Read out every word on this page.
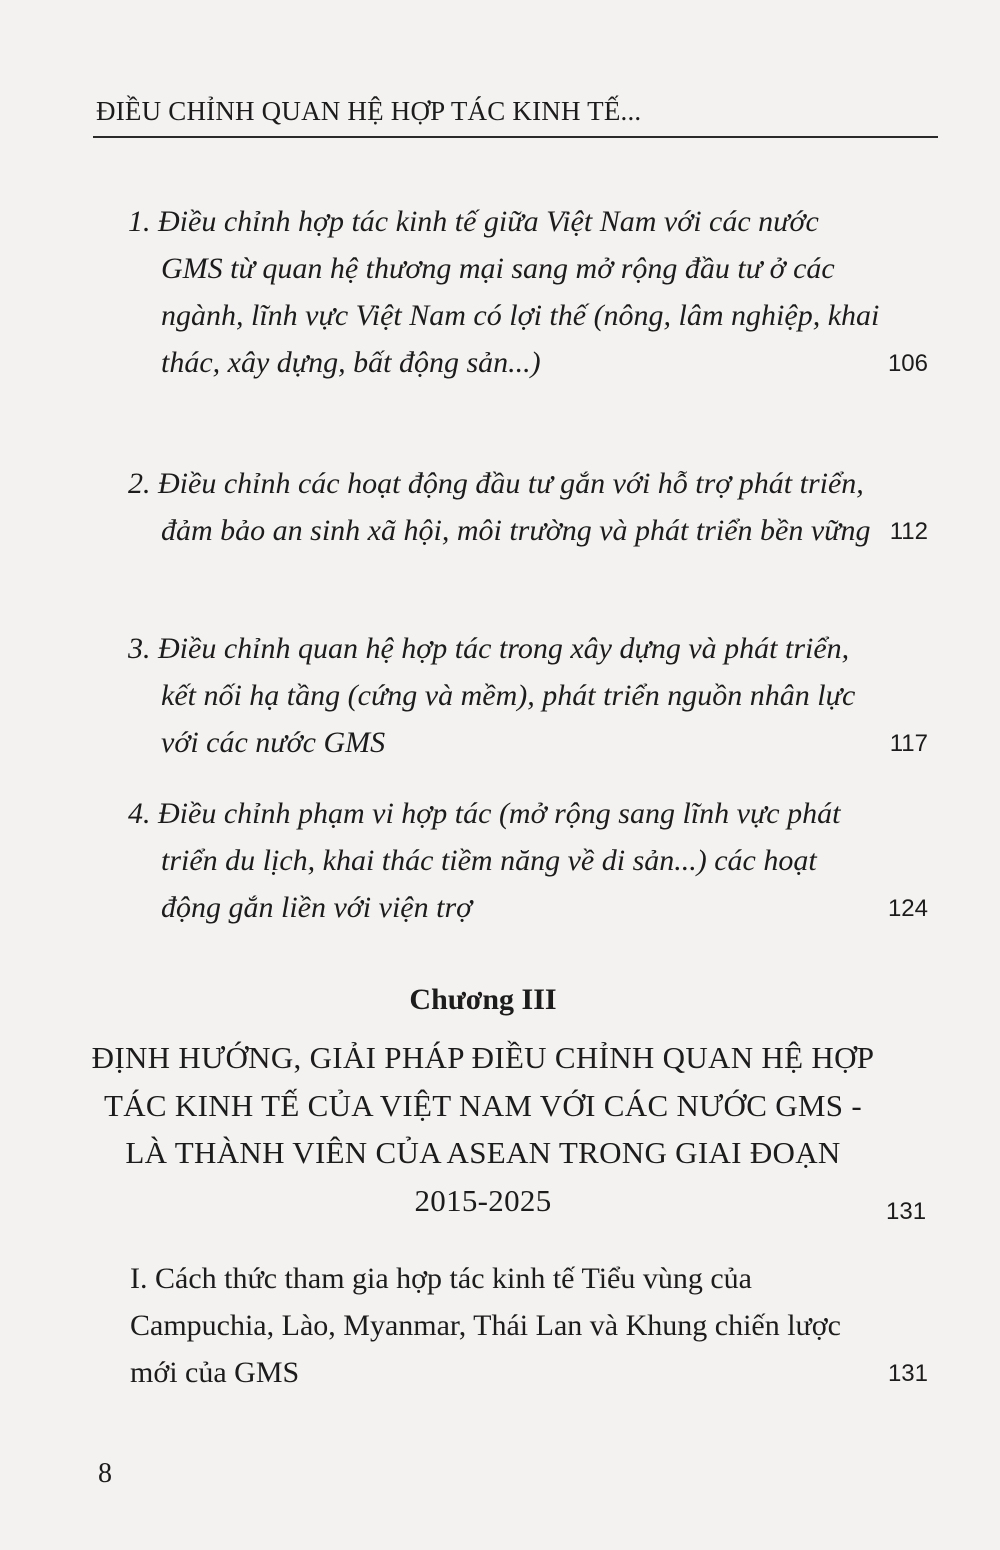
ĐIỀU CHỈNH QUAN HỆ HỢP TÁC KINH TẾ...
1. Điều chỉnh hợp tác kinh tế giữa Việt Nam với các nước GMS từ quan hệ thương mại sang mở rộng đầu tư ở các ngành, lĩnh vực Việt Nam có lợi thế (nông, lâm nghiệp, khai thác, xây dựng, bất động sản...)	106
2. Điều chỉnh các hoạt động đầu tư gắn với hỗ trợ phát triển, đảm bảo an sinh xã hội, môi trường và phát triển bền vững 112
3. Điều chỉnh quan hệ hợp tác trong xây dựng và phát triển, kết nối hạ tầng (cứng và mềm), phát triển nguồn nhân lực với các nước GMS	117
4. Điều chỉnh phạm vi hợp tác (mở rộng sang lĩnh vực phát triển du lịch, khai thác tiềm năng về di sản...) các hoạt động gắn liền với viện trợ	124
Chương III
ĐỊNH HƯỚNG, GIẢI PHÁP ĐIỀU CHỈNH QUAN HỆ HỢP TÁC KINH TẾ CỦA VIỆT NAM VỚI CÁC NƯỚC GMS - LÀ THÀNH VIÊN CỦA ASEAN TRONG GIAI ĐOẠN 2015-2025	131
I. Cách thức tham gia hợp tác kinh tế Tiểu vùng của Campuchia, Lào, Myanmar, Thái Lan và Khung chiến lược mới của GMS	131
8
